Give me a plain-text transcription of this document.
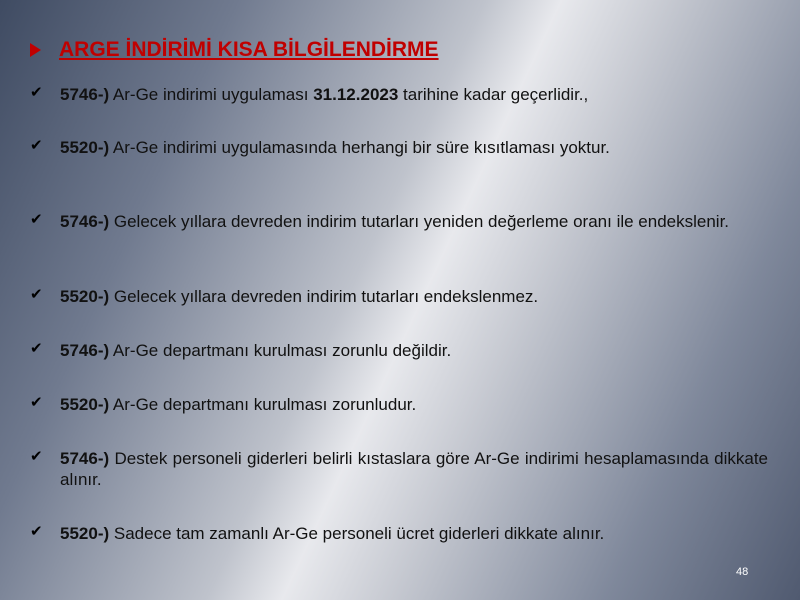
ARGE İNDİRİMİ KISA BİLGİLENDİRME
✔	5746-) Ar-Ge indirimi uygulaması 31.12.2023 tarihine kadar geçerlidir.,
✔	5520-) Ar-Ge indirimi uygulamasında herhangi bir süre kısıtlaması yoktur.
✔	5746-) Gelecek yıllara devreden indirim tutarları yeniden değerleme oranı ile endekslenir.
✔	5520-) Gelecek yıllara devreden indirim tutarları endekslenmez.
✔	5746-) Ar-Ge departmanı kurulması zorunlu değildir.
✔	5520-) Ar-Ge departmanı kurulması zorunludur.
✔	5746-) Destek personeli giderleri belirli kıstaslara göre Ar-Ge indirimi hesaplamasında dikkate alınır.
✔	5520-) Sadece tam zamanlı Ar-Ge personeli ücret giderleri dikkate alınır.
48
